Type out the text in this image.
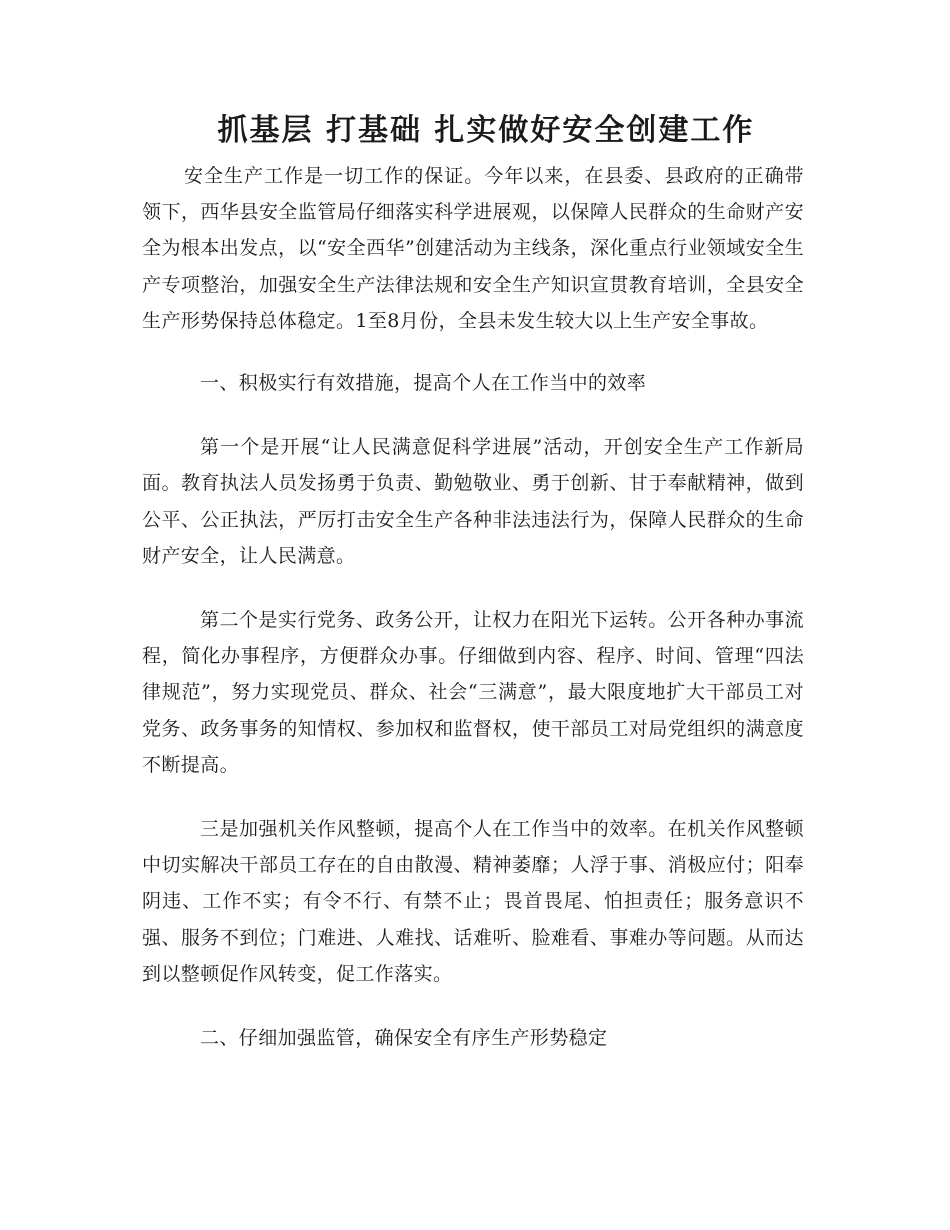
抓基层 打基础 扎实做好安全创建工作

安全生产工作是一切工作的保证。今年以来，在县委、县政府的正确带领下，西华县安全监管局仔细落实科学进展观，以保障人民群众的生命财产安全为根本出发点，以“安全西华”创建活动为主线条，深化重点行业领域安全生产专项整治，加强安全生产法律法规和安全生产知识宣贯教育培训，全县安全生产形势保持总体稳定。1至8月份，全县未发生较大以上生产安全事故。

一、积极实行有效措施，提高个人在工作当中的效率

第一个是开展“让人民满意促科学进展”活动，开创安全生产工作新局面。教育执法人员发扬勇于负责、勤勉敬业、勇于创新、甘于奉献精神，做到公平、公正执法，严厉打击安全生产各种非法违法行为，保障人民群众的生命财产安全，让人民满意。

第二个是实行党务、政务公开，让权力在阳光下运转。公开各种办事流程，简化办事程序，方便群众办事。仔细做到内容、程序、时间、管理“四法律规范”，努力实现党员、群众、社会“三满意”，最大限度地扩大干部员工对党务、政务事务的知情权、参加权和监督权，使干部员工对局党组织的满意度不断提高。

三是加强机关作风整顿，提高个人在工作当中的效率。在机关作风整顿中切实解决干部员工存在的自由散漫、精神萎靡；人浮于事、消极应付；阳奉阴违、工作不实；有令不行、有禁不止；畏首畏尾、怕担责任；服务意识不强、服务不到位；门难进、人难找、话难听、脸难看、事难办等问题。从而达到以整顿促作风转变，促工作落实。

二、仔细加强监管，确保安全有序生产形势稳定
